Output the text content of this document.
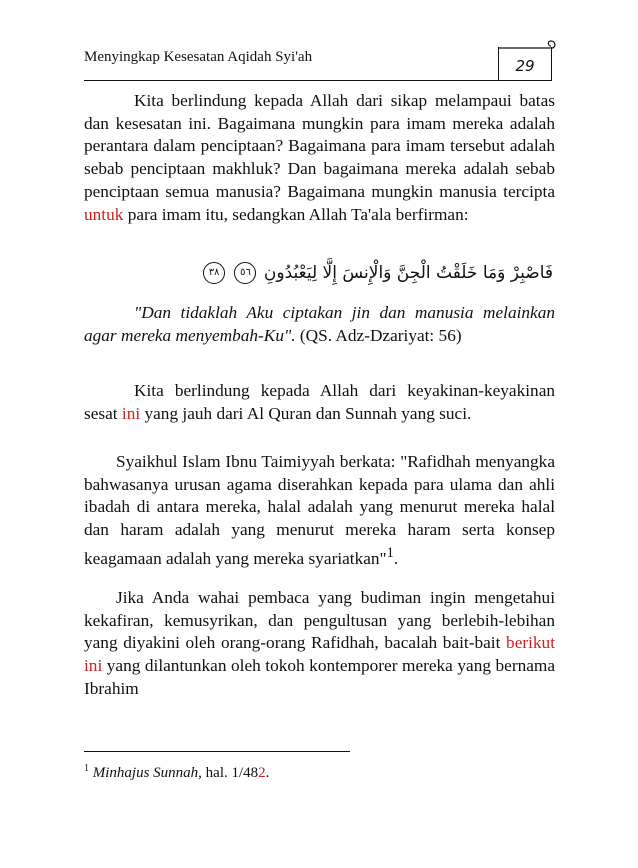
Menyingkap Kesesatan Aqidah Syi'ah	29

Kita berlindung kepada Allah dari sikap melampaui batas dan kesesatan ini. Bagaimana mungkin para imam mereka adalah perantara dalam penciptaan? Bagaimana para imam tersebut adalah sebab penciptaan makhluk? Dan bagaimana mereka adalah sebab penciptaan semua manusia? Bagaimana mungkin manusia tercipta untuk para imam itu, sedangkan Allah Ta'ala berfirman:

فَاصْبِرْ وَمَا خَلَقْتُ الْجِنَّ وَالْإِنسَ إِلَّا لِيَعْبُدُونِ ٥٦ ٣٨

"Dan tidaklah Aku ciptakan jin dan manusia melainkan agar mereka menyembah-Ku". (QS. Adz-Dzariyat: 56)

Kita berlindung kepada Allah dari keyakinan-keyakinan sesat ini yang jauh dari Al Quran dan Sunnah yang suci.

Syaikhul Islam Ibnu Taimiyyah berkata: "Rafidhah menyangka bahwasanya urusan agama diserahkan kepada para ulama dan ahli ibadah di antara mereka, halal adalah yang menurut mereka halal dan haram adalah yang menurut mereka haram serta konsep keagamaan adalah yang mereka syariatkan"$^1$.

Jika Anda wahai pembaca yang budiman ingin mengetahui kekafiran, kemusyrikan, dan pengultusan yang berlebih-lebihan yang diyakini oleh orang-orang Rafidhah, bacalah bait-bait berikut ini yang dilantunkan oleh tokoh kontemporer mereka yang bernama Ibrahim

$^1$ Minhajus Sunnah, hal. 1/482.
